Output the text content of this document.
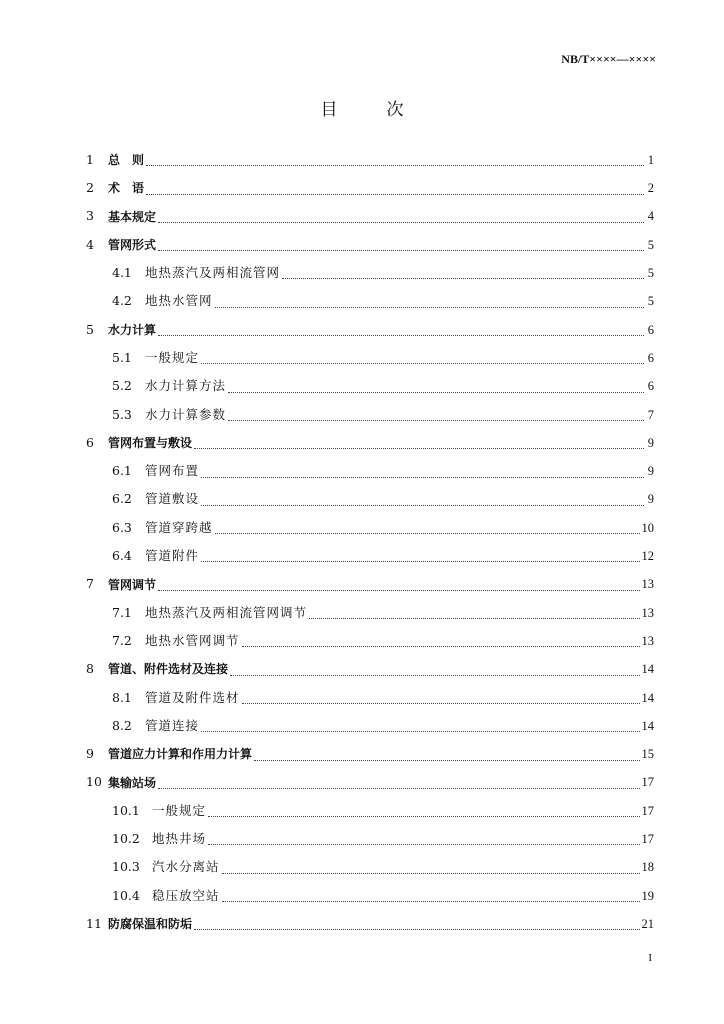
NB/T××××—××××
目　次
1	总　则	1
2	术　语	2
3	基本规定	4
4	管网形式	5
4.1	地热蒸汽及两相流管网	5
4.2	地热水管网	5
5	水力计算	6
5.1	一般规定	6
5.2	水力计算方法	6
5.3	水力计算参数	7
6	管网布置与敷设	9
6.1	管网布置	9
6.2	管道敷设	9
6.3	管道穿跨越	10
6.4	管道附件	12
7	管网调节	13
7.1	地热蒸汽及两相流管网调节	13
7.2	地热水管网调节	13
8	管道、附件选材及连接	14
8.1	管道及附件选材	14
8.2	管道连接	14
9	管道应力计算和作用力计算	15
10 集输站场	17
10.1 一般规定	17
10.2 地热井场	17
10.3 汽水分离站	18
10.4 稳压放空站	19
11 防腐保温和防垢	21
I
